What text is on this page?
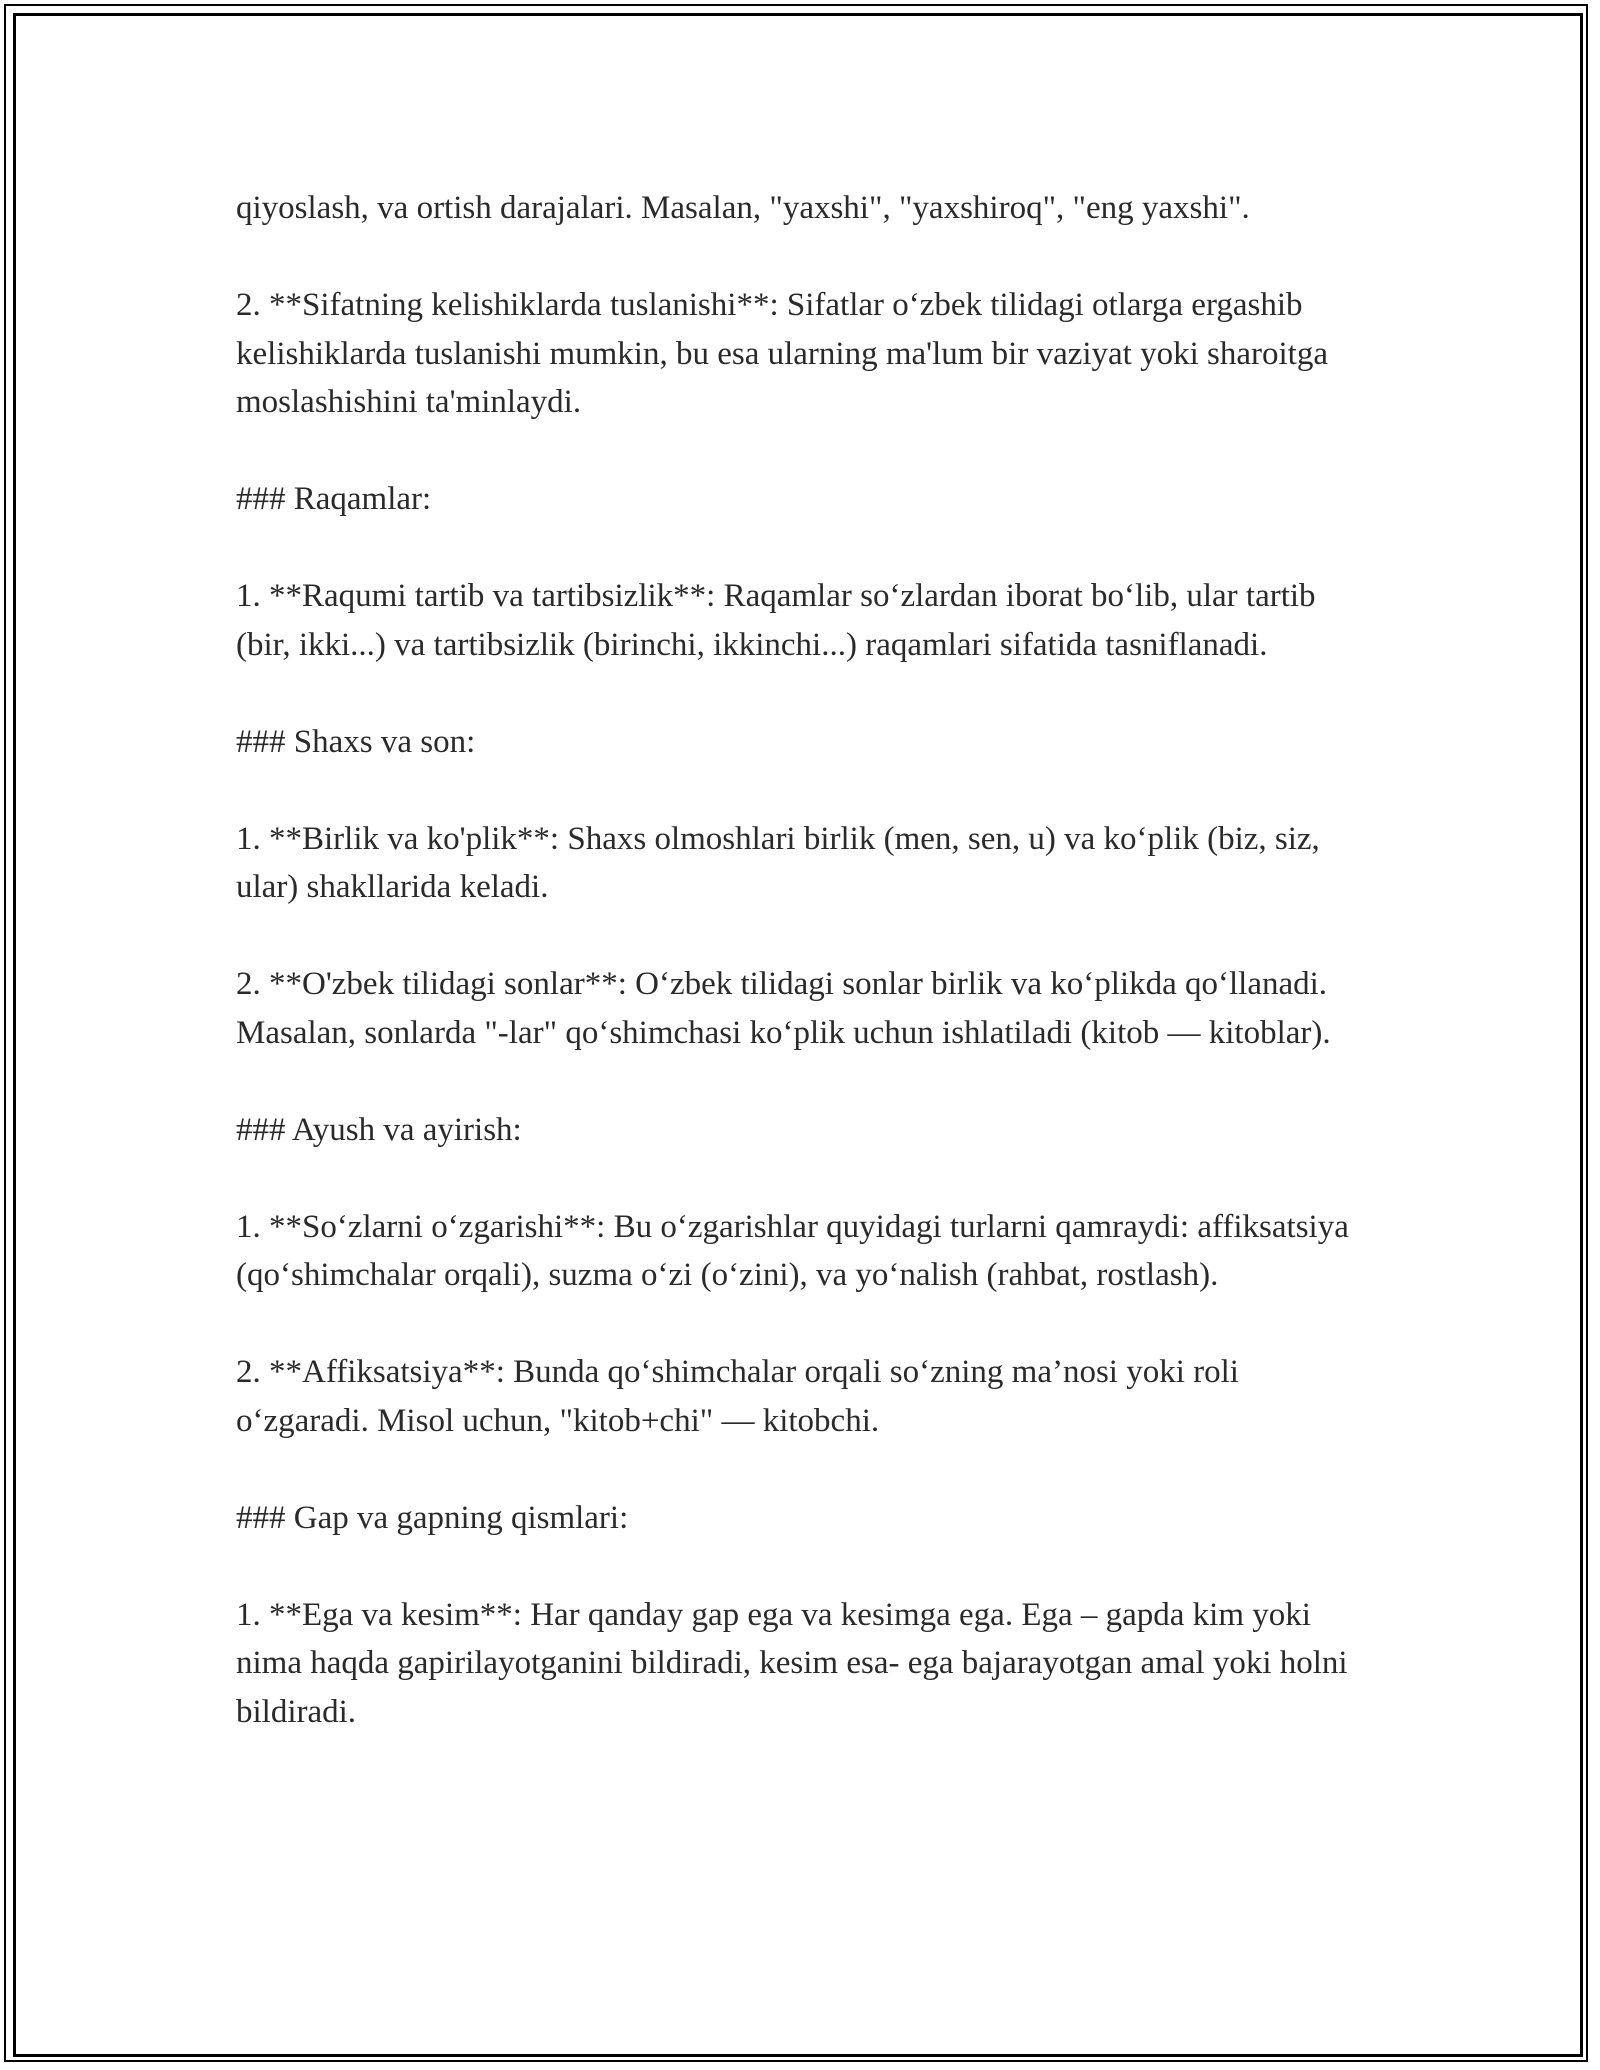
qiyoslash, va ortish darajalari. Masalan, "yaxshi", "yaxshiroq", "eng yaxshi".

2. **Sifatning kelishiklarda tuslanishi**: Sifatlar o‘zbek tilidagi otlarga ergashib kelishiklarda tuslanishi mumkin, bu esa ularning ma'lum bir vaziyat yoki sharoitga moslashishini ta'minlaydi.

### Raqamlar:

1. **Raqumi tartib va tartibsizlik**: Raqamlar so‘zlardan iborat bo‘lib, ular tartib (bir, ikki...) va tartibsizlik (birinchi, ikkinchi...) raqamlari sifatida tasniflanadi.

### Shaxs va son:

1. **Birlik va ko'plik**: Shaxs olmoshlari birlik (men, sen, u) va ko‘plik (biz, siz, ular) shakllarida keladi.

2. **O'zbek tilidagi sonlar**: O‘zbek tilidagi sonlar birlik va ko‘plikda qo‘llanadi. Masalan, sonlarda "-lar" qo‘shimchasi ko‘plik uchun ishlatiladi (kitob — kitoblar).

### Ayush va ayirish:

1. **So‘zlarni o‘zgarishi**: Bu o‘zgarishlar quyidagi turlarni qamraydi: affiksatsiya (qo‘shimchalar orqali), suzma o‘zi (o‘zini), va yo‘nalish (rahbat, rostlash).

2. **Affiksatsiya**: Bunda qo‘shimchalar orqali so‘zning ma’nosi yoki roli o‘zgaradi. Misol uchun, "kitob+chi" — kitobchi.

### Gap va gapning qismlari:

1. **Ega va kesim**: Har qanday gap ega va kesimga ega. Ega – gapda kim yoki nima haqda gapirilayotganini bildiradi, kesim esa- ega bajarayotgan amal yoki holni bildiradi.
